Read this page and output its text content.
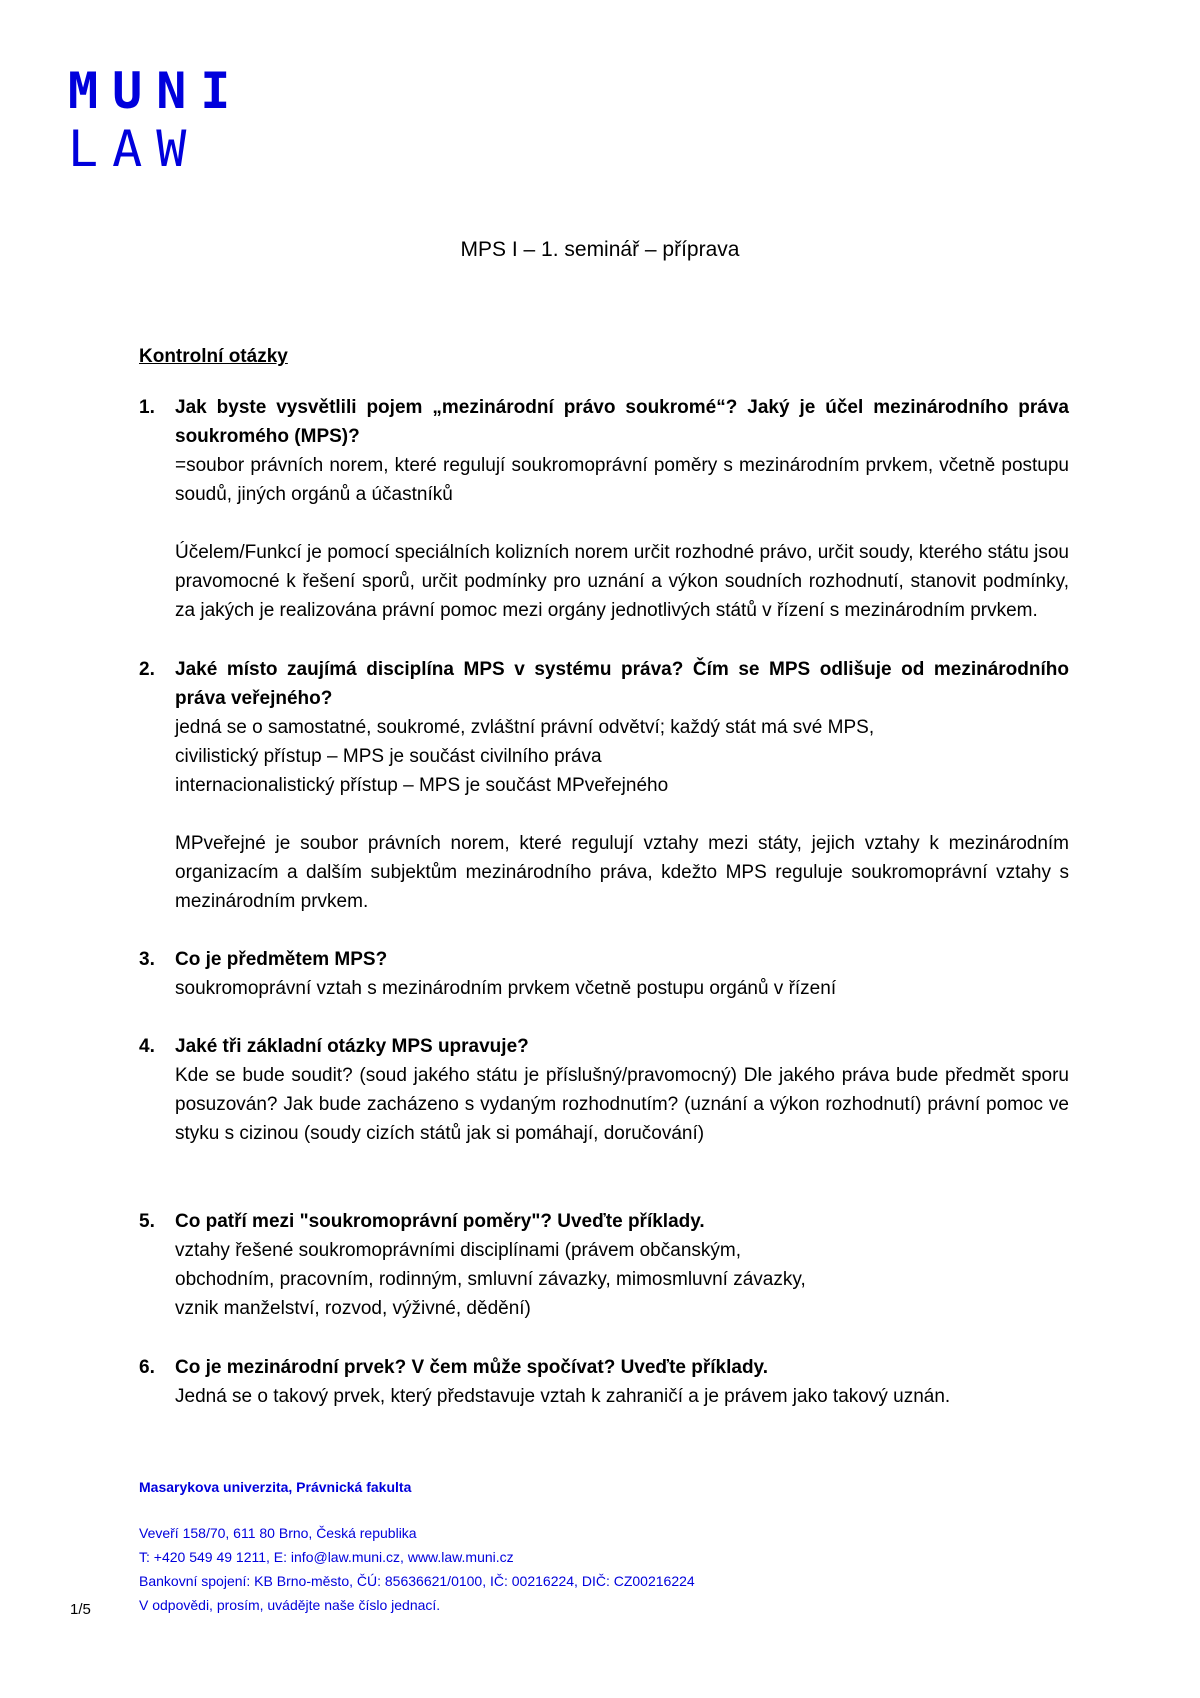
MUNI
LAW
MPS I – 1. seminář – příprava
Kontrolní otázky
1.	Jak byste vysvětlili pojem „mezinárodní právo soukromé“? Jaký je účel mezinárodního práva soukromého (MPS)?

=soubor právních norem, které regulují soukromoprávní poměry s mezinárodním prvkem, včetně postupu soudů, jiných orgánů a účastníků

Účelem/Funkcí je pomocí speciálních kolizních norem určit rozhodné právo, určit soudy, kterého státu jsou pravomocné k řešení sporů, určit podmínky pro uznání a výkon soudních rozhodnutí, stanovit podmínky, za jakých je realizována právní pomoc mezi orgány jednotlivých států v řízení s mezinárodním prvkem.

2.	Jaké místo zaujímá disciplína MPS v systému práva? Čím se MPS odlišuje od mezinárodního práva veřejného?

jedná se o samostatné, soukromé, zvláštní právní odvětví; každý stát má své MPS,

civilistický přístup – MPS je součást civilního práva

internacionalistický přístup – MPS je součást MPveřejného

MPveřejné je soubor právních norem, které regulují vztahy mezi státy, jejich vztahy k mezinárodním organizacím a dalším subjektům mezinárodního práva, kdežto MPS reguluje soukromoprávní vztahy s mezinárodním prvkem.

3.	Co je předmětem MPS?

soukromoprávní vztah s mezinárodním prvkem včetně postupu orgánů v řízení

4.	Jaké tři základní otázky MPS upravuje?

Kde se bude soudit? (soud jakého státu je příslušný/pravomocný) Dle jakého práva bude předmět sporu posuzován? Jak bude zacházeno s vydaným rozhodnutím? (uznání a výkon rozhodnutí) právní pomoc ve styku s cizinou (soudy cizích států jak si pomáhají, doručování)

5.	Co patří mezi "soukromoprávní poměry"? Uveďte příklady.

vztahy řešené soukromoprávními disciplínami (právem občanským,

obchodním, pracovním, rodinným, smluvní závazky, mimosmluvní závazky,

vznik manželství, rozvod, výživné, dědění)

6.	Co je mezinárodní prvek? V čem může spočívat? Uveďte příklady.

Jedná se o takový prvek, který představuje vztah k zahraničí a je právem jako takový uznán.

Masarykova univerzita, Právnická fakulta
Veveří 158/70, 611 80 Brno, Česká republika
T: +420 549 49 1211, E: info@law.muni.cz, www.law.muni.cz
Bankovní spojení: KB Brno-město, ČÚ: 85636621/0100, IČ: 00216224, DIČ: CZ00216224
V odpovědi, prosím, uvádějte naše číslo jednací.
1/5
